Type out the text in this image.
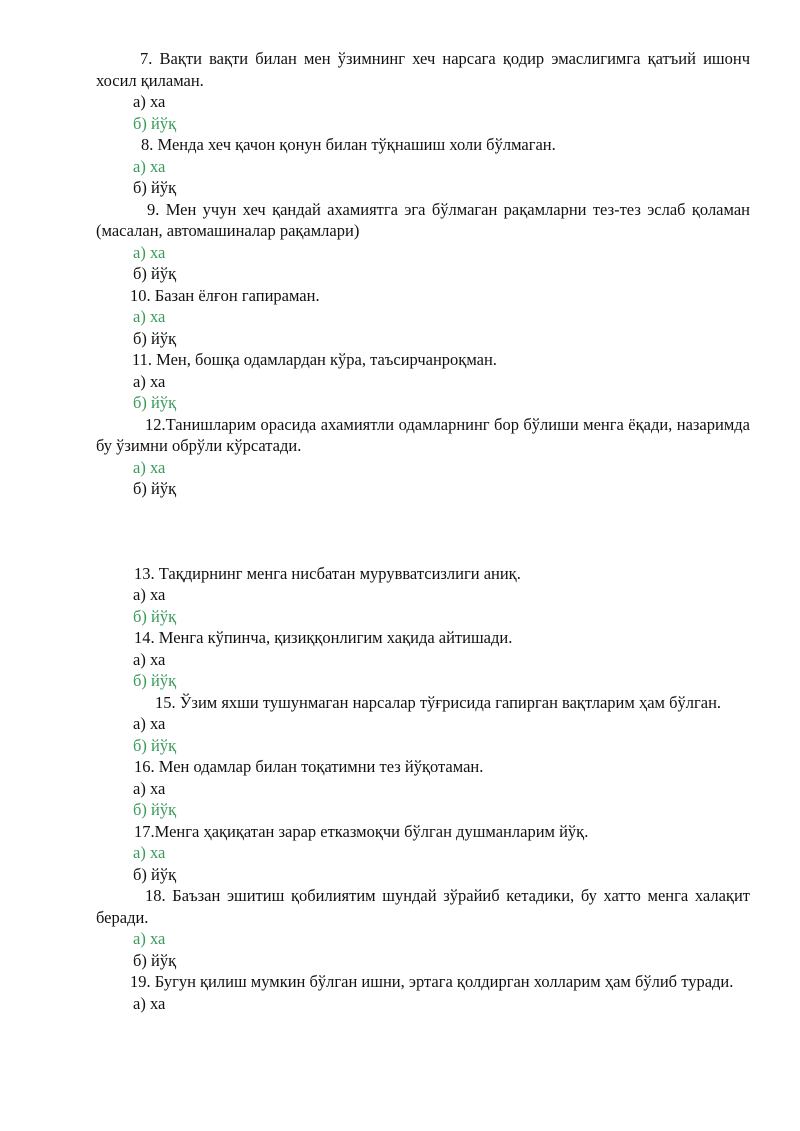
7. Вақти вақти билан мен ўзимнинг хеч нарсага қодир эмаслигимга қатъий ишонч хосил қиламан.

а) ха

б) йўқ

8. Менда хеч қачон қонун билан тўқнашиш холи бўлмаган.

а) ха

б) йўқ

9. Мен учун хеч қандай ахамиятга эга бўлмаган рақамларни тез-тез эслаб қоламан (масалан, автомашиналар рақамлари)

а) ха

б) йўқ

10. Базан ёлғон гапираман.

а) ха

б) йўқ

11. Мен, бошқа одамлардан кўра, таъсирчанроқман.

а) ха

б) йўқ

12.Танишларим орасида ахамиятли одамларнинг бор бўлиши менга ёқади, назаримда бу ўзимни обрўли кўрсатади.

а) ха

б) йўқ

13. Тақдирнинг менга нисбатан мурувватсизлиги аниқ.

а) ха

б) йўқ

14. Менга кўпинча, қизиққонлигим хақида айтишади.

а) ха

б) йўқ

15. Ўзим яхши тушунмаган нарсалар тўғрисида гапирган вақтларим ҳам бўлган.

а) ха

б) йўқ

16. Мен одамлар билан тоқатимни тез йўқотаман.

а) ха

б) йўқ

17.Менга ҳақиқатан зарар етказмоқчи бўлган душманларим йўқ.

а) ха

б) йўқ

18. Баъзан эшитиш қобилиятим шундай зўрайиб кетадики, бу хатто менга халақит беради.

а) ха

б) йўқ

19. Бугун қилиш мумкин бўлган ишни, эртага қолдирган холларим ҳам бўлиб туради.

а) ха
